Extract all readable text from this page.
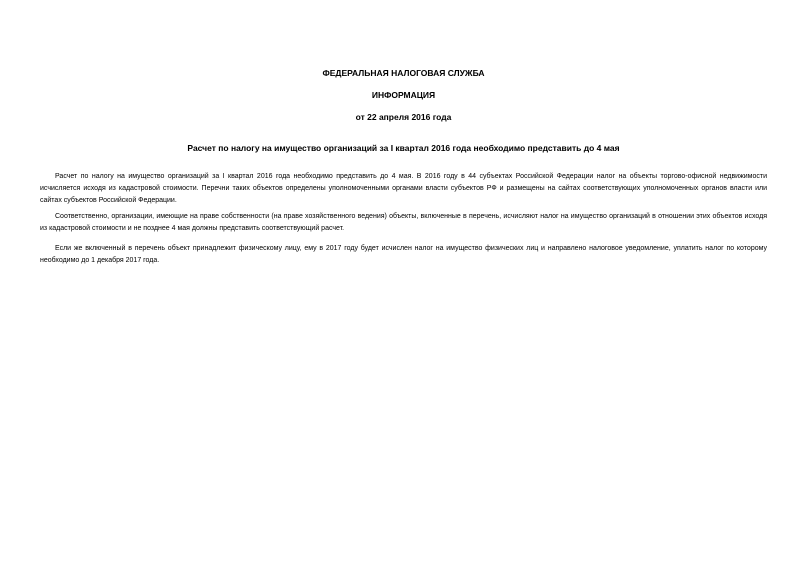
ФЕДЕРАЛЬНАЯ НАЛОГОВАЯ СЛУЖБА
ИНФОРМАЦИЯ
от 22 апреля 2016 года
Расчет по налогу на имущество организаций за I квартал 2016 года необходимо представить до 4 мая

Расчет по налогу на имущество организаций за I квартал 2016 года необходимо представить до 4 мая. В 2016 году в 44 субъектах Российской Федерации налог на объекты торгово-офисной недвижимости исчисляется исходя из кадастровой стоимости. Перечни таких объектов определены уполномоченными органами власти субъектов РФ и размещены на сайтах соответствующих уполномоченных органов власти или сайтах субъектов Российской Федерации.

Соответственно, организации, имеющие на праве собственности (на праве хозяйственного ведения) объекты, включенные в перечень, исчисляют налог на имущество организаций в отношении этих объектов исходя из кадастровой стоимости и не позднее 4 мая должны представить соответствующий расчет.

Если же включенный в перечень объект принадлежит физическому лицу, ему в 2017 году будет исчислен налог на имущество физических лиц и направлено налоговое уведомление, уплатить налог по которому необходимо до 1 декабря 2017 года.
